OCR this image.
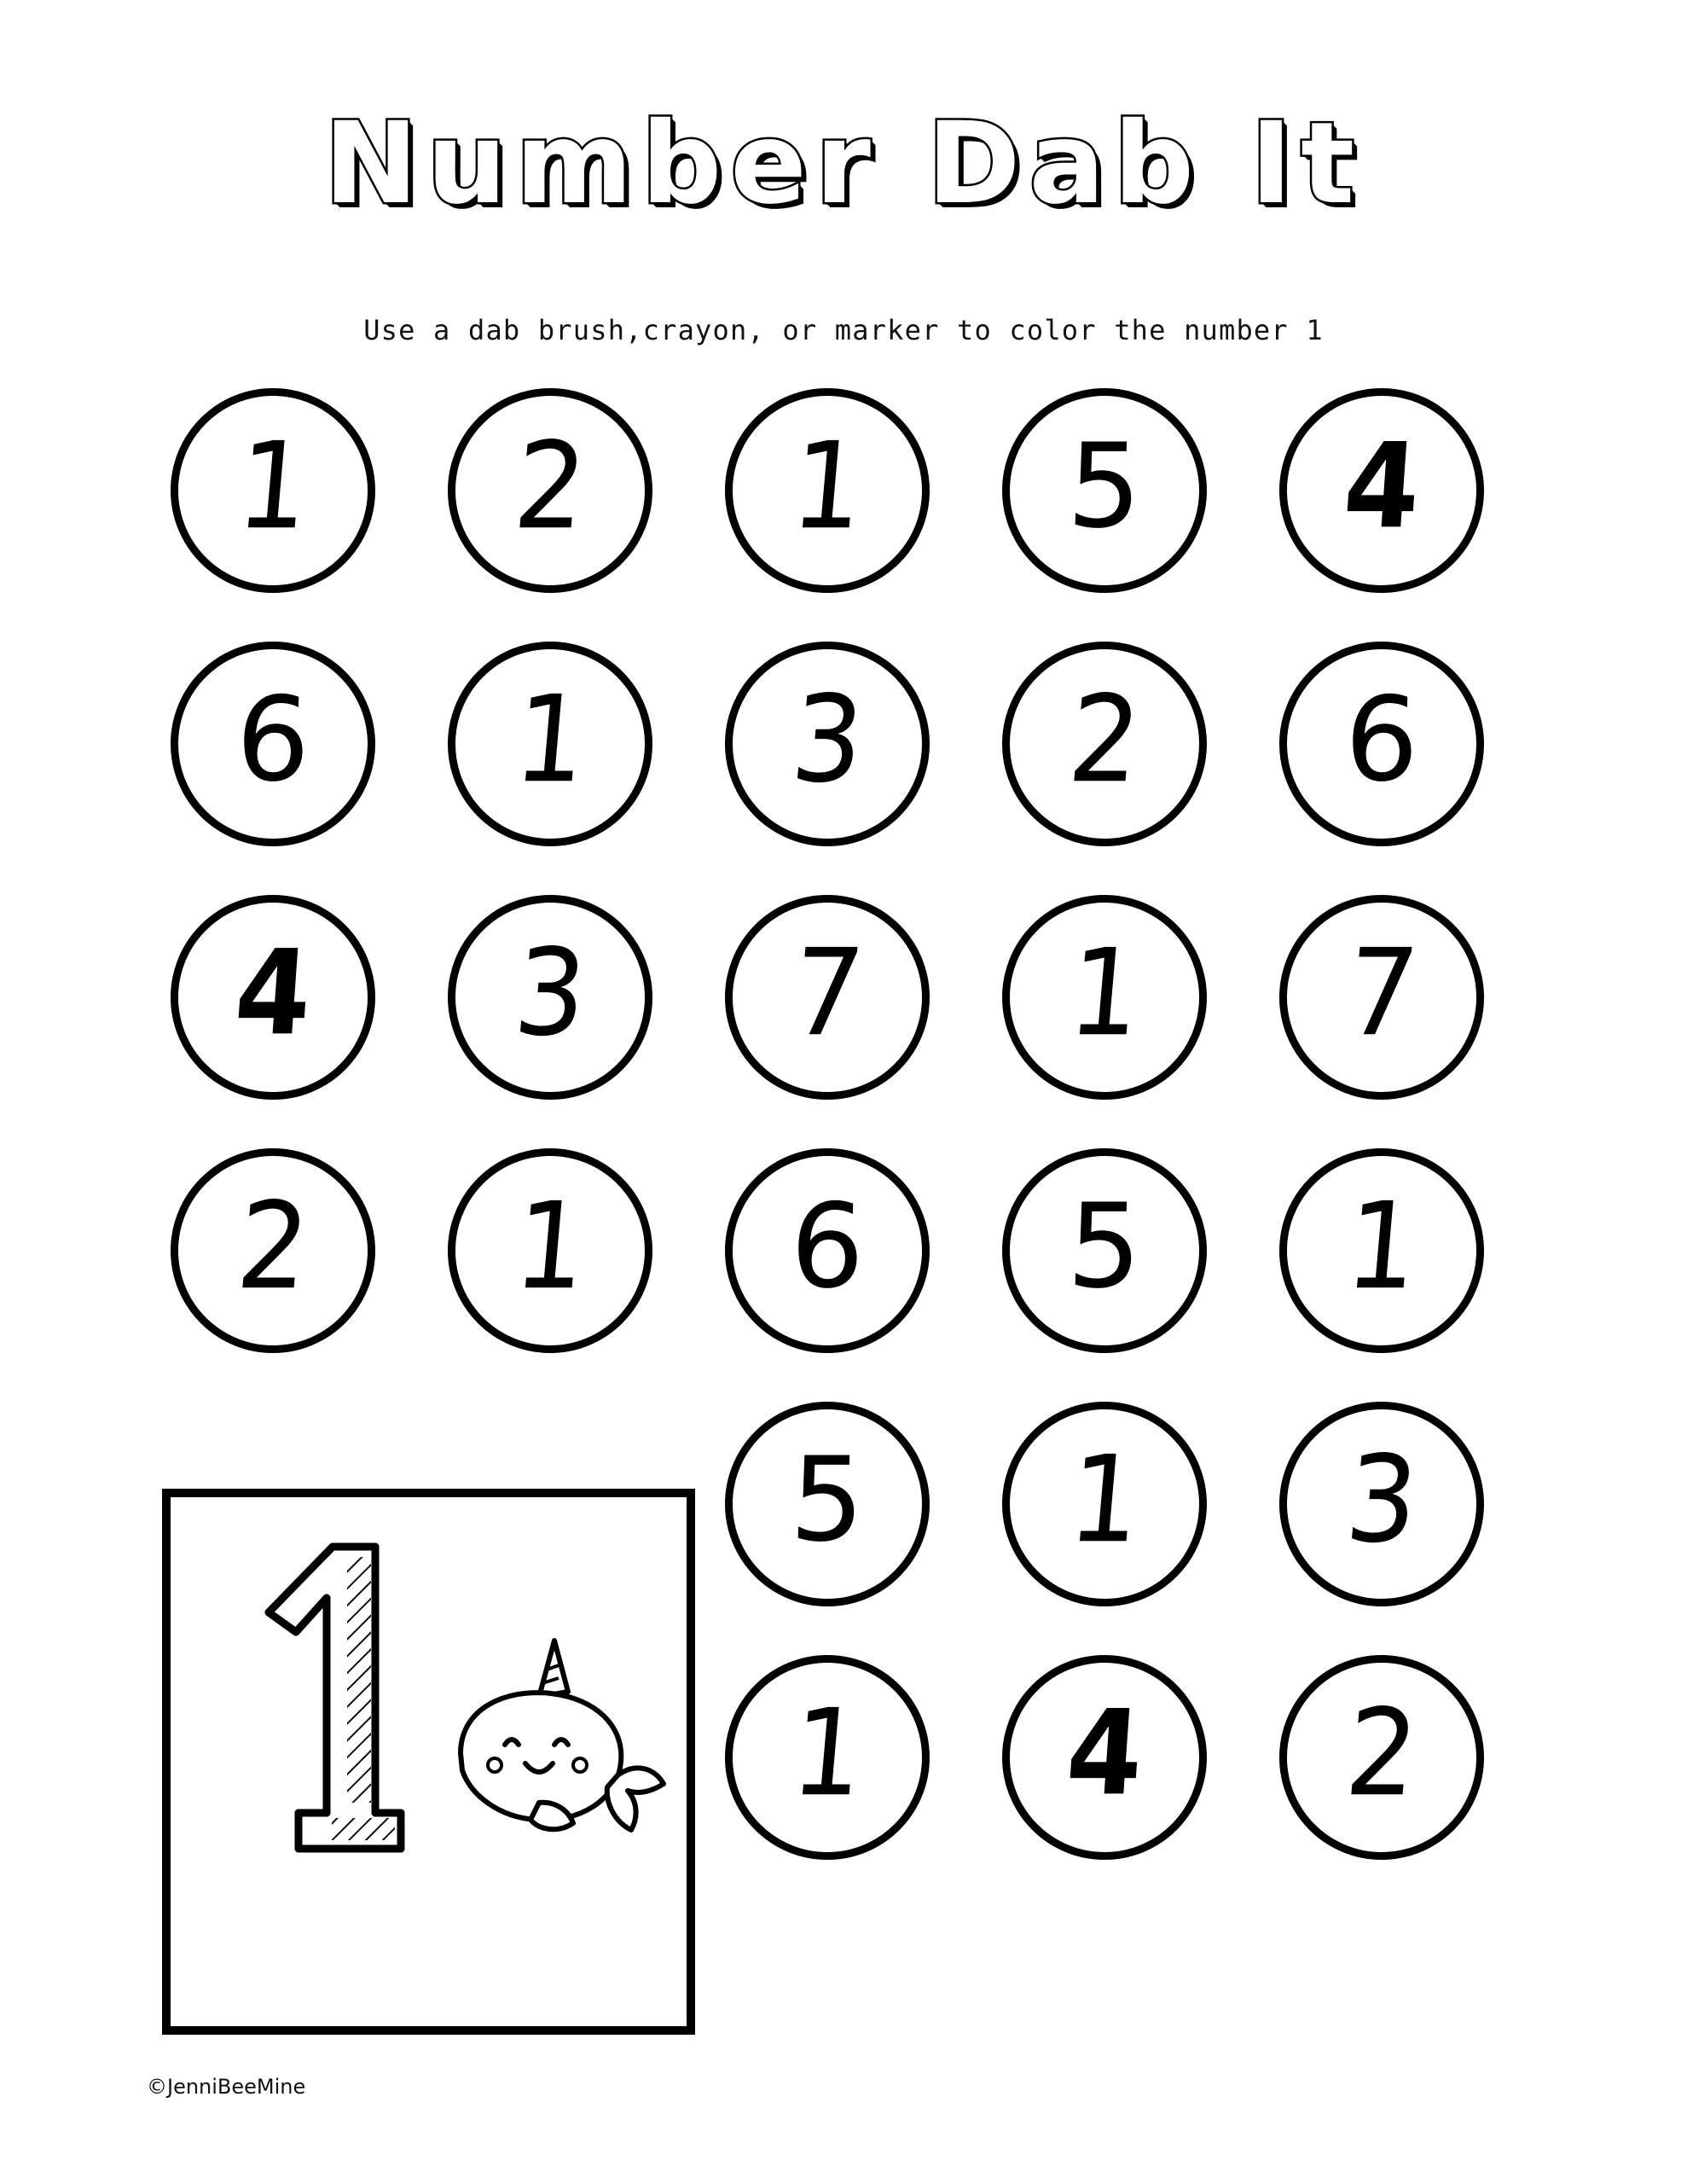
Number Dab It
Use a dab brush,crayon, or marker to color the number 1
1	2	1	5	4
6	1	3	2	6
4	3	7	1	7
2	1	6	5	1
5	1	3
1	4	2
©JenniBeeMine
